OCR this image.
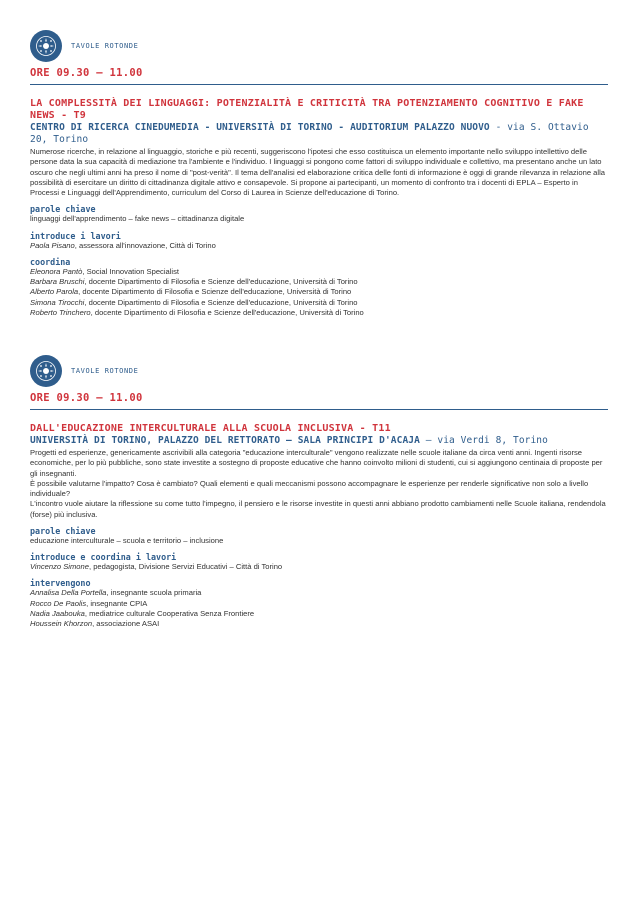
TAVOLE ROTONDE
ORE 09.30 – 11.00
LA COMPLESSITÀ DEI LINGUAGGI: POTENZIALITÀ E CRITICITÀ TRA POTENZIAMENTO COGNITIVO E FAKE NEWS - T9
CENTRO DI RICERCA CINEDUMEDIA - UNIVERSITÀ DI TORINO - AUDITORIUM PALAZZO NUOVO - via S. Ottavio 20, Torino

Numerose ricerche, in relazione al linguaggio, storiche e più recenti, suggeriscono l'ipotesi che esso costituisca un elemento importante nello sviluppo intellettivo delle persone data la sua capacità di mediazione tra l'ambiente e l'individuo. I linguaggi si pongono come fattori di sviluppo individuale e collettivo, ma presentano anche un lato oscuro che negli ultimi anni ha preso il nome di "post-verità". Il tema dell'analisi ed elaborazione critica delle fonti di informazione è oggi di grande rilevanza in relazione alla possibilità di esercitare un diritto di cittadinanza digitale attivo e consapevole. Si propone ai partecipanti, un momento di confronto tra i docenti di EPLA – Esperto in Processi e Linguaggi dell'Apprendimento, curriculum del Corso di Laurea in Scienze dell'educazione di Torino.

parole chiave
linguaggi dell'apprendimento – fake news – cittadinanza digitale
introduce i lavori
Paola Pisano, assessora all'innovazione, Città di Torino
coordina
Eleonora Pantò, Social Innovation Specialist
Barbara Bruschi, docente Dipartimento di Filosofia e Scienze dell'educazione, Università di Torino
Alberto Parola, docente Dipartimento di Filosofia e Scienze dell'educazione, Università di Torino
Simona Tirocchi, docente Dipartimento di Filosofia e Scienze dell'educazione, Università di Torino
Roberto Trinchero, docente Dipartimento di Filosofia e Scienze dell'educazione, Università di Torino
TAVOLE ROTONDE
ORE 09.30 – 11.00
DALL'EDUCAZIONE INTERCULTURALE ALLA SCUOLA INCLUSIVA - T11
UNIVERSITÀ DI TORINO, PALAZZO DEL RETTORATO – SALA PRINCIPI D'ACAJA – via Verdi 8, Torino

Progetti ed esperienze, genericamente ascrivibili alla categoria "educazione interculturale" vengono realizzate nelle scuole italiane da circa venti anni. Ingenti risorse economiche, per lo più pubbliche, sono state investite a sostegno di proposte educative che hanno coinvolto milioni di studenti, cui si aggiungono centinaia di proposte per gli insegnanti.

È possibile valutarne l'impatto? Cosa è cambiato? Quali elementi e quali meccanismi possono accompagnare le esperienze per renderle significative non solo a livello individuale?

L'incontro vuole aiutare la riflessione su come tutto l'impegno, il pensiero e le risorse investite in questi anni abbiano prodotto cambiamenti nelle Scuole italiana, rendendola (forse) più inclusiva.

parole chiave
educazione interculturale – scuola e territorio – inclusione
introduce e coordina i lavori
Vincenzo Simone, pedagogista, Divisione Servizi Educativi – Città di Torino
intervengono
Annalisa Della Portella, insegnante scuola primaria
Rocco De Paolis, insegnante CPIA
Nadia Jaabouka, mediatrice culturale Cooperativa Senza Frontiere
Houssein Khorzon, associazione ASAI
